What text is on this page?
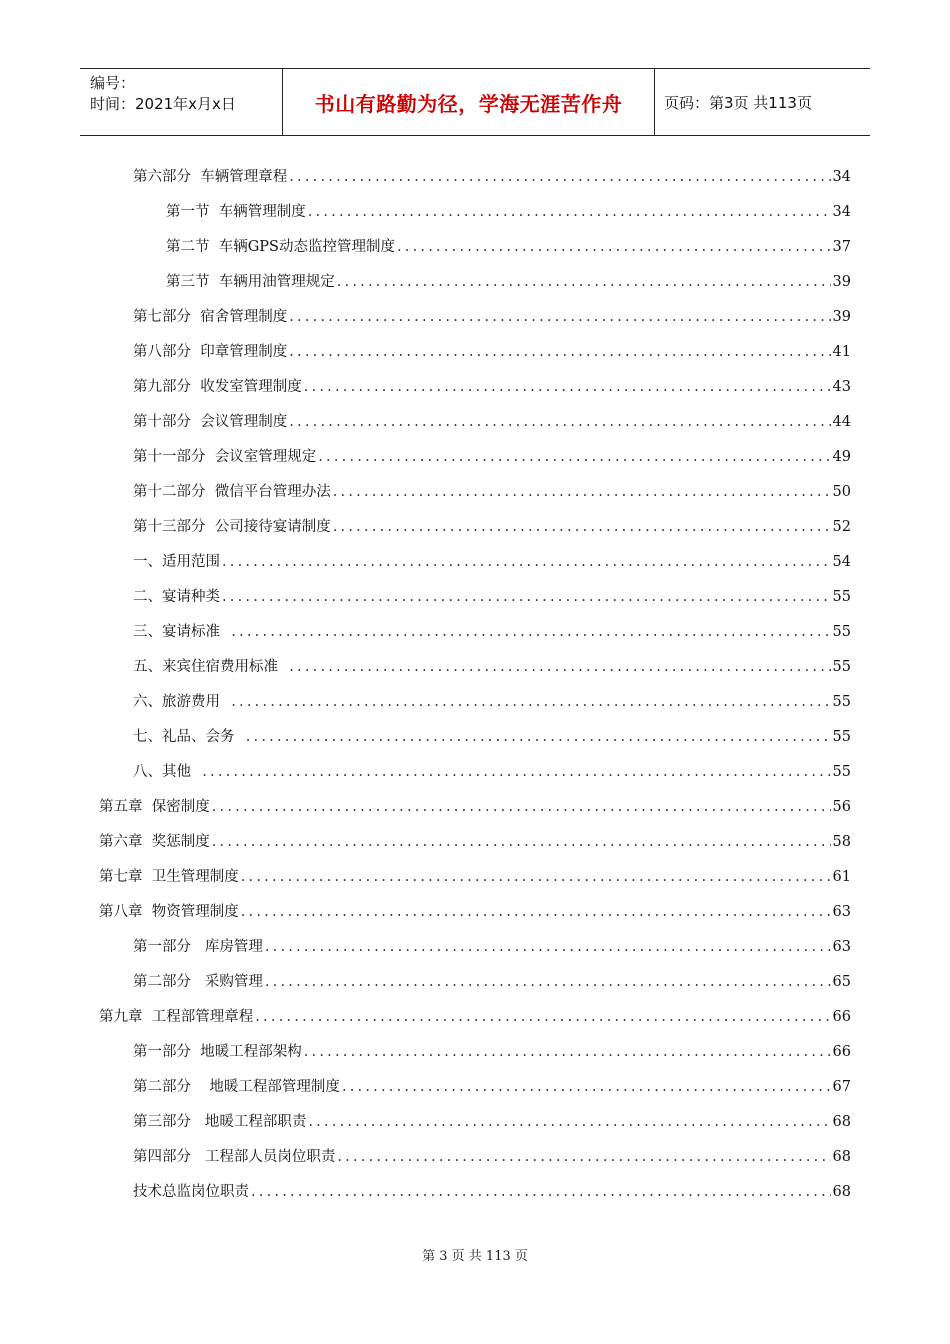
编号：
时间：2021年x月x日	书山有路勤为径，学海无涯苦作舟	页码：第3页 共113页
第六部分  车辆管理章程 .....	34
第一节  车辆管理制度 .....	34
第二节  车辆GPS动态监控管理制度 .....	37
第三节  车辆用油管理规定 .....	39
第七部分  宿舍管理制度 .....	39
第八部分  印章管理制度 .....	41
第九部分  收发室管理制度 .....	43
第十部分  会议管理制度 .....	44
第十一部分  会议室管理规定 .....	49
第十二部分  微信平台管理办法 .....	50
第十三部分  公司接待宴请制度 .....	52
一、适用范围 .....	54
二、宴请种类 .....	55
三、宴请标准 .....	55
五、来宾住宿费用标准 .....	55
六、旅游费用 .....	55
七、礼品、会务 .....	55
八、其他 .....	55
第五章  保密制度 .....	56
第六章  奖惩制度 .....	58
第七章  卫生管理制度 .....	61
第八章  物资管理制度 .....	63
第一部分   库房管理 .....	63
第二部分   采购管理 .....	65
第九章  工程部管理章程 .....	66
第一部分  地暖工程部架构 .....	66
第二部分    地暖工程部管理制度 .....	67
第三部分   地暖工程部职责 .....	68
第四部分   工程部人员岗位职责 .....	68
技术总监岗位职责 .....	68
第 3 页 共 113 页
